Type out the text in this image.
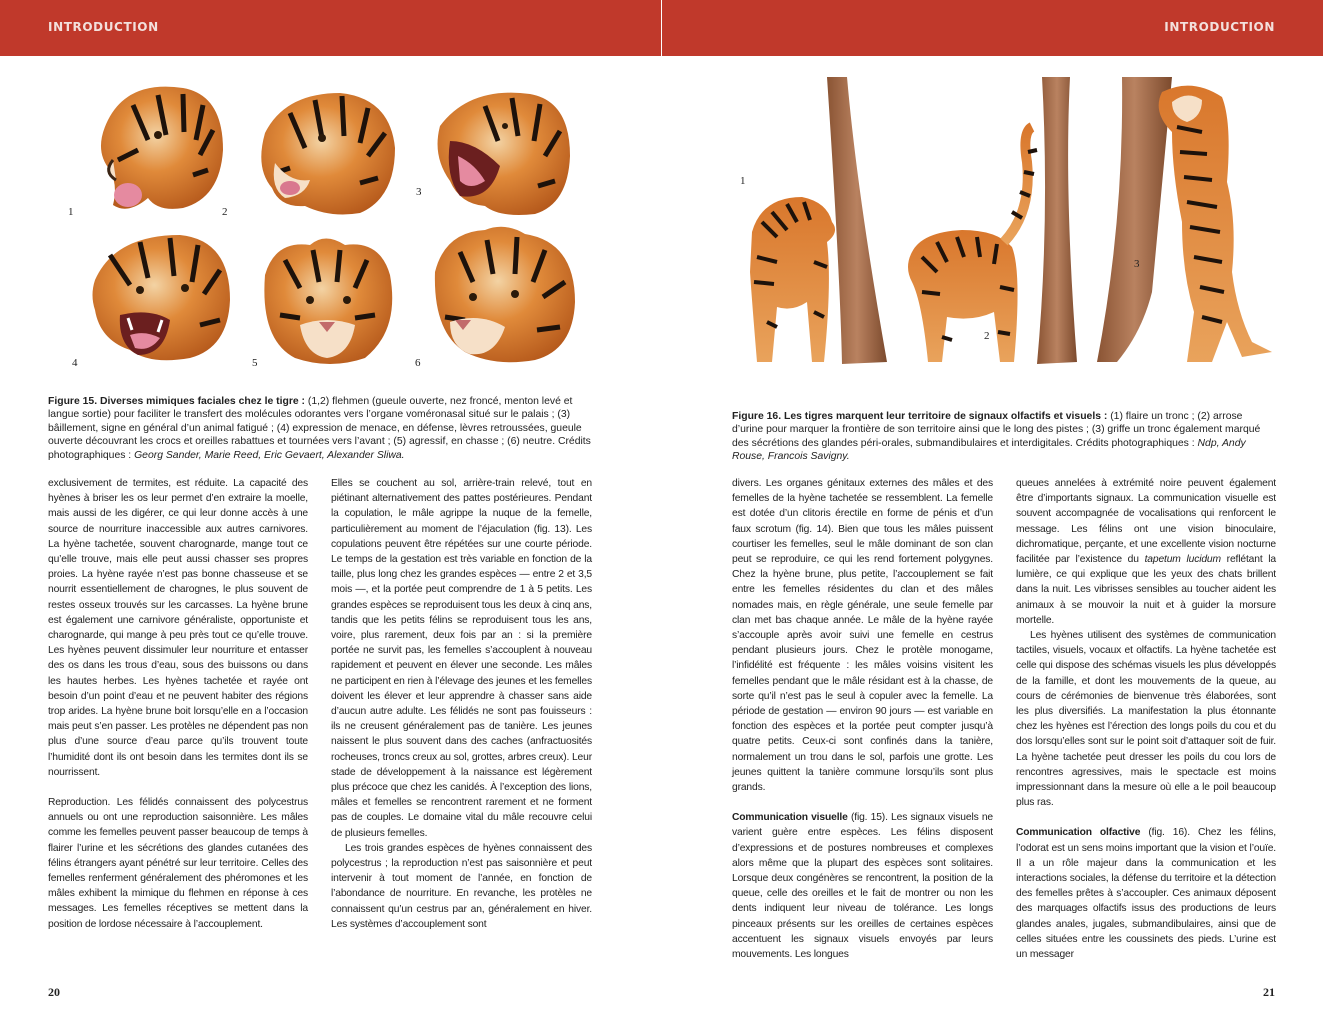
INTRODUCTION
1	2
3
4	5	6
Figure 15. Diverses mimiques faciales chez le tigre : (1,2) flehmen (gueule ouverte, nez froncé, menton levé et langue sortie) pour faciliter le transfert des molécules odorantes vers l’organe voméronasal situé sur le palais ; (3) bâillement, signe en général d’un animal fatigué ; (4) expression de menace, en défense, lèvres retroussées, gueule ouverte découvrant les crocs et oreilles rabattues et tournées vers l’avant ; (5) agressif, en chasse ; (6) neutre. Crédits photographiques : Georg Sander, Marie Reed, Eric Gevaert, Alexander Sliwa.

exclusivement de termites, est réduite. La capacité des hyènes à briser les os leur permet d’en extraire la moelle, mais aussi de les digérer, ce qui leur donne accès à une source de nourriture inaccessible aux autres carnivores. La hyène tachetée, souvent charognarde, mange tout ce qu’elle trouve, mais elle peut aussi chasser ses propres proies. La hyène rayée n’est pas bonne chasseuse et se nourrit essentiellement de charognes, le plus souvent de restes osseux trouvés sur les carcasses. La hyène brune est également une carnivore généraliste, opportuniste et charognarde, qui mange à peu près tout ce qu’elle trouve. Les hyènes peuvent dissimuler leur nourriture et entasser des os dans les trous d’eau, sous des buissons ou dans les hautes herbes. Les hyènes tachetée et rayée ont besoin d’un point d’eau et ne peuvent habiter des régions trop arides. La hyène brune boit lorsqu’elle en a l’occasion mais peut s’en passer. Les protèles ne dépendent pas non plus d’une source d’eau parce qu’ils trouvent toute l’humidité dont ils ont besoin dans les termites dont ils se nourrissent.

Reproduction. Les félidés connaissent des polycestrus annuels ou ont une reproduction saisonnière. Les mâles comme les femelles peuvent passer beaucoup de temps à flairer l’urine et les sécrétions des glandes cutanées des félins étrangers ayant pénétré sur leur territoire. Celles des femelles renferment généralement des phéromones et les mâles exhibent la mimique du flehmen en réponse à ces messages. Les femelles réceptives se mettent dans la position de lordose nécessaire à l’accouplement.

Elles se couchent au sol, arrière-train relevé, tout en piétinant alternativement des pattes postérieures. Pendant la copulation, le mâle agrippe la nuque de la femelle, particulièrement au moment de l’éjaculation (fig. 13). Les copulations peuvent être répétées sur une courte période. Le temps de la gestation est très variable en fonction de la taille, plus long chez les grandes espèces — entre 2 et 3,5 mois —, et la portée peut comprendre de 1 à 5 petits. Les grandes espèces se reproduisent tous les deux à cinq ans, tandis que les petits félins se reproduisent tous les ans, voire, plus rarement, deux fois par an : si la première portée ne survit pas, les femelles s’accouplent à nouveau rapidement et peuvent en élever une seconde. Les mâles ne participent en rien à l’élevage des jeunes et les femelles doivent les élever et leur apprendre à chasser sans aide d’aucun autre adulte. Les félidés ne sont pas fouisseurs : ils ne creusent généralement pas de tanière. Les jeunes naissent le plus souvent dans des caches (anfractuosités rocheuses, troncs creux au sol, grottes, arbres creux). Leur stade de développement à la naissance est légèrement plus précoce que chez les canidés. À l’exception des lions, mâles et femelles se rencontrent rarement et ne forment pas de couples. Le domaine vital du mâle recouvre celui de plusieurs femelles.

Les trois grandes espèces de hyènes connaissent des polycestrus ; la reproduction n’est pas saisonnière et peut intervenir à tout moment de l’année, en fonction de l’abondance de nourriture. En revanche, les protèles ne connaissent qu’un cestrus par an, généralement en hiver. Les systèmes d’accouplement sont

20
INTRODUCTION
1
2
3
Figure 16. Les tigres marquent leur territoire de signaux olfactifs et visuels : (1) flaire un tronc ; (2) arrose d’urine pour marquer la frontière de son territoire ainsi que le long des pistes ; (3) griffe un tronc également marqué des sécrétions des glandes péri-orales, submandibulaires et interdigitales. Crédits photographiques : Ndp, Andy Rouse, Francois Savigny.

divers. Les organes génitaux externes des mâles et des femelles de la hyène tachetée se ressemblent. La femelle est dotée d’un clitoris érectile en forme de pénis et d’un faux scrotum (fig. 14). Bien que tous les mâles puissent courtiser les femelles, seul le mâle dominant de son clan peut se reproduire, ce qui les rend fortement polygynes. Chez la hyène brune, plus petite, l’accouplement se fait entre les femelles résidentes du clan et des mâles nomades mais, en règle générale, une seule femelle par clan met bas chaque année. Le mâle de la hyène rayée s’accouple après avoir suivi une femelle en cestrus pendant plusieurs jours. Chez le protèle monogame, l’infidélité est fréquente : les mâles voisins visitent les femelles pendant que le mâle résidant est à la chasse, de sorte qu’il n’est pas le seul à copuler avec la femelle. La période de gestation — environ 90 jours — est variable en fonction des espèces et la portée peut compter jusqu’à quatre petits. Ceux-ci sont confinés dans la tanière, normalement un trou dans le sol, parfois une grotte. Les jeunes quittent la tanière commune lorsqu’ils sont plus grands.

Communication visuelle (fig. 15). Les signaux visuels ne varient guère entre espèces. Les félins disposent d’expressions et de postures nombreuses et complexes alors même que la plupart des espèces sont solitaires. Lorsque deux congénères se rencontrent, la position de la queue, celle des oreilles et le fait de montrer ou non les dents indiquent leur niveau de tolérance. Les longs pinceaux présents sur les oreilles de certaines espèces accentuent les signaux visuels envoyés par leurs mouvements. Les longues

queues annelées à extrémité noire peuvent également être d’importants signaux. La communication visuelle est souvent accompagnée de vocalisations qui renforcent le message. Les félins ont une vision binoculaire, dichromatique, perçante, et une excellente vision nocturne facilitée par l’existence du tapetum lucidum reflétant la lumière, ce qui explique que les yeux des chats brillent dans la nuit. Les vibrisses sensibles au toucher aident les animaux à se mouvoir la nuit et à guider la morsure mortelle.

Les hyènes utilisent des systèmes de communication tactiles, visuels, vocaux et olfactifs. La hyène tachetée est celle qui dispose des schémas visuels les plus développés de la famille, et dont les mouvements de la queue, au cours de cérémonies de bienvenue très élaborées, sont les plus diversifiés. La manifestation la plus étonnante chez les hyènes est l’érection des longs poils du cou et du dos lorsqu’elles sont sur le point soit d’attaquer soit de fuir. La hyène tachetée peut dresser les poils du cou lors de rencontres agressives, mais le spectacle est moins impressionnant dans la mesure où elle a le poil beaucoup plus ras.

Communication olfactive (fig. 16). Chez les félins, l’odorat est un sens moins important que la vision et l’ouïe. Il a un rôle majeur dans la communication et les interactions sociales, la défense du territoire et la détection des femelles prêtes à s’accoupler. Ces animaux déposent des marquages olfactifs issus des productions de leurs glandes anales, jugales, submandibulaires, ainsi que de celles situées entre les coussinets des pieds. L’urine est un messager

21
